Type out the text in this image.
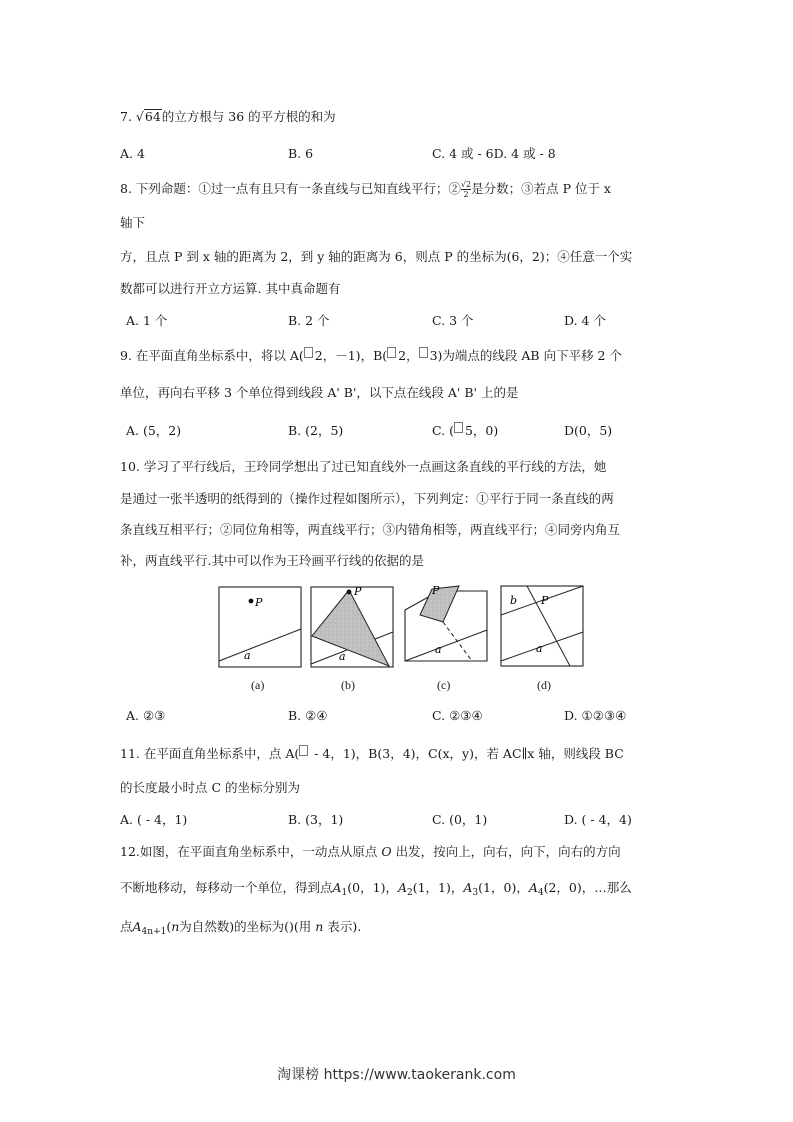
7. √64的立方根与 36 的平方根的和为
A. 4	B. 6	C. 4 或 - 6D. 4 或 - 8
8. 下列命题：①过一点有且只有一条直线与已知直线平行；② $\frac{√2}{2}$ 是分数；③若点 P 位于 x
轴下
方，且点 P 到 x 轴的距离为 2，到 y 轴的距离为 6，则点 P 的坐标为(6，2)；④任意一个实
数都可以进行开立方运算. 其中真命题有
A. 1 个	B. 2 个	C. 3 个	D. 4 个
9. 在平面直角坐标系中，将以 A( 2，－1)，B( 2， 3)为端点的线段 AB 向下平移 2 个
单位，再向右平移 3 个单位得到线段 A' B'，以下点在线段 A' B' 上的是
A. (5，2)	B. (2，5)	C. ( 5，0)	D(0，5)
10. 学习了平行线后，王玲同学想出了过已知直线外一点画这条直线的平行线的方法，她
是通过一张半透明的纸得到的（操作过程如图所示），下列判定：①平行于同一条直线的两
条直线互相平行；②同位角相等，两直线平行；③内错角相等，两直线平行；④同旁内角互
补，两直线平行.其中可以作为王玲画平行线的依据的是
P
a
P
a
P
a
b P
a
(a)	(b)	(c)	(d)
A. ②③	B. ②④	C. ②③④	D. ①②③④
11. 在平面直角坐标系中，点 A( - 4，1)，B(3，4)，C(x，y)，若 AC∥x 轴，则线段 BC
的长度最小时点 C 的坐标分别为
A. ( - 4，1)	B. (3，1)	C. (0，1)	D. ( - 4，4)
12.如图，在平面直角坐标系中，一动点从原点 O 出发，按向上，向右，向下，向右的方向
不断地移动，每移动一个单位，得到点$A_1(0$，1)，$A_2(1$，1)，$A_3(1$，0)，$A_4(2$，0)，…那么
点$A_{4n+1}(n$为自然数)的坐标为()(用 n 表示).
淘课榜 https://www.taokerank.com
